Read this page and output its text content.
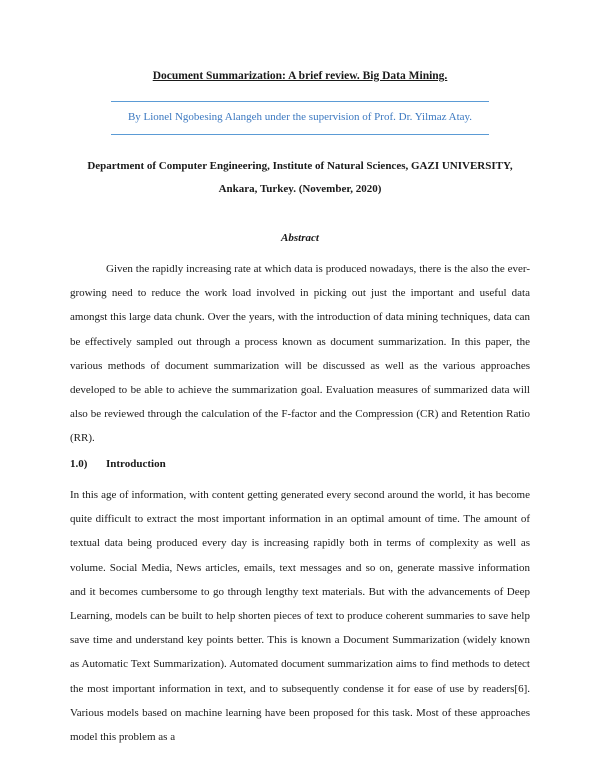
Document Summarization: A brief review. Big Data Mining.
By Lionel Ngobesing Alangeh under the supervision of Prof. Dr. Yilmaz Atay.
Department of Computer Engineering, Institute of Natural Sciences, GAZI UNIVERSITY,
Ankara, Turkey. (November, 2020)
Abstract

Given the rapidly increasing rate at which data is produced nowadays, there is the also the ever-growing need to reduce the work load involved in picking out just the important and useful data amongst this large data chunk. Over the years, with the introduction of data mining techniques, data can be effectively sampled out through a process known as document summarization. In this paper, the various methods of document summarization will be discussed as well as the various approaches developed to be able to achieve the summarization goal. Evaluation measures of summarized data will also be reviewed through the calculation of the F-factor and the Compression (CR) and Retention Ratio (RR).

1.0) Introduction

In this age of information, with content getting generated every second around the world, it has become quite difficult to extract the most important information in an optimal amount of time. The amount of textual data being produced every day is increasing rapidly both in terms of complexity as well as volume. Social Media, News articles, emails, text messages and so on, generate massive information and it becomes cumbersome to go through lengthy text materials. But with the advancements of Deep Learning, models can be built to help shorten pieces of text to produce coherent summaries to save help save time and understand key points better. This is known a Document Summarization (widely known as Automatic Text Summarization). Automated document summarization aims to find methods to detect the most important information in text, and to subsequently condense it for ease of use by readers[6]. Various models based on machine learning have been proposed for this task. Most of these approaches model this problem as a
